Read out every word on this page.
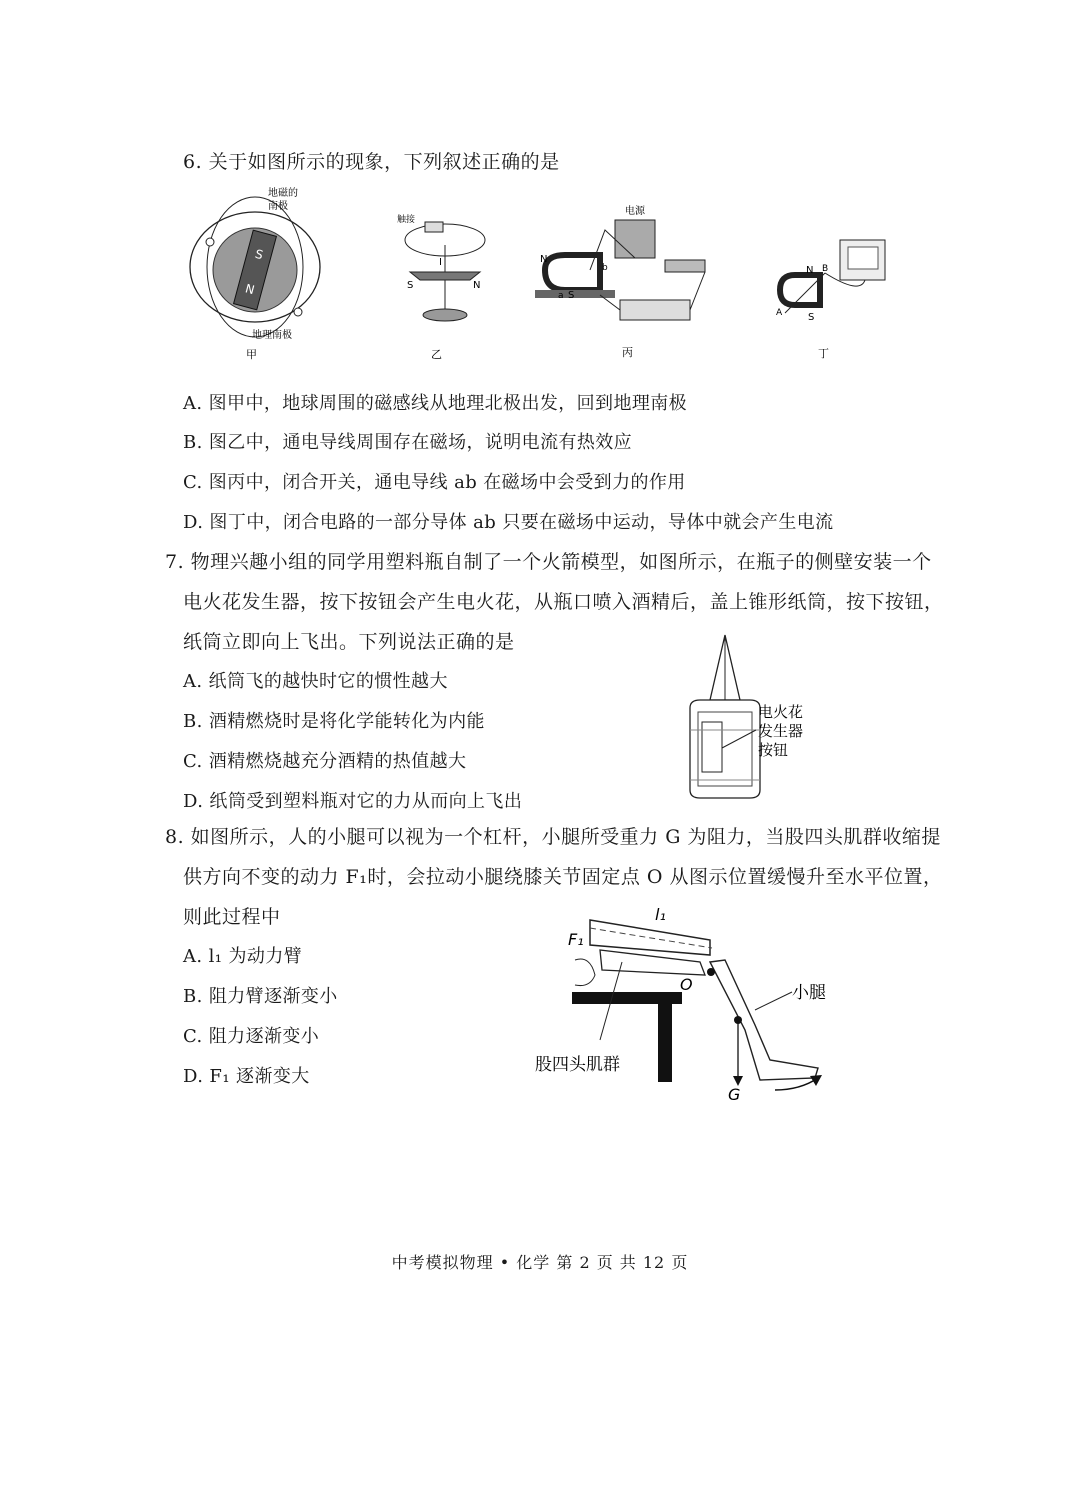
6. 关于如图所示的现象，下列叙述正确的是
S
N
地磁的
南极
地理南极
甲
触接
I
S	N
乙
电源
N
S
b
a
丙
N
S
B
A
丁
A. 图甲中，地球周围的磁感线从地理北极出发，回到地理南极
B. 图乙中，通电导线周围存在磁场，说明电流有热效应
C. 图丙中，闭合开关，通电导线 ab 在磁场中会受到力的作用
D. 图丁中，闭合电路的一部分导体 ab 只要在磁场中运动，导体中就会产生电流
7. 物理兴趣小组的同学用塑料瓶自制了一个火箭模型，如图所示，在瓶子的侧壁安装一个
电火花发生器，按下按钮会产生电火花，从瓶口喷入酒精后，盖上锥形纸筒，按下按钮，
纸筒立即向上飞出。下列说法正确的是
电火花
发生器
按钮
A. 纸筒飞的越快时它的惯性越大
B. 酒精燃烧时是将化学能转化为内能
C. 酒精燃烧越充分酒精的热值越大
D. 纸筒受到塑料瓶对它的力从而向上飞出
8. 如图所示，人的小腿可以视为一个杠杆，小腿所受重力 G 为阻力，当股四头肌群收缩提
供方向不变的动力 F₁时，会拉动小腿绕膝关节固定点 O 从图示位置缓慢升至水平位置，
则此过程中	l₁
F₁
O	小腿
股四头肌群
G
A. l₁ 为动力臂
B. 阻力臂逐渐变小
C. 阻力逐渐变小
D. F₁ 逐渐变大
中考模拟物理 • 化学 第 2 页 共 12 页
